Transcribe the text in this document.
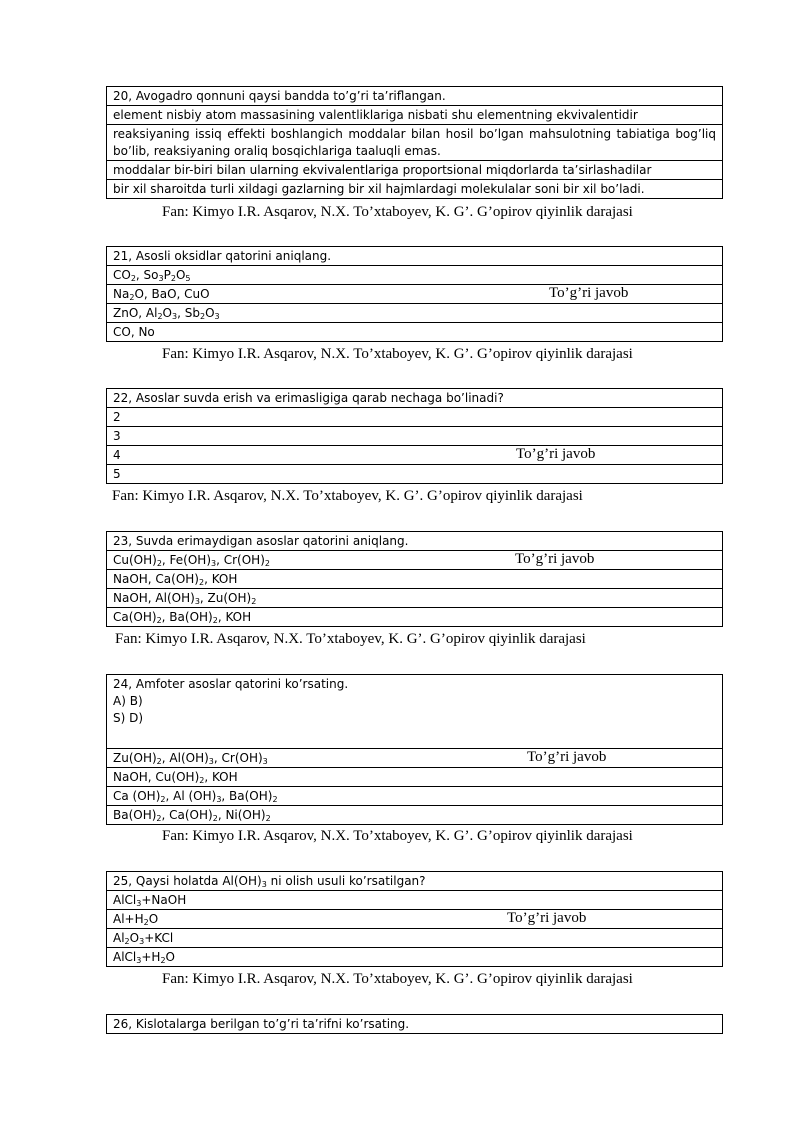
20, Avogadro qonnuni qaysi bandda to’g’ri ta’riflangan.
element nisbiy atom massasining valentliklariga nisbati shu elementning ekvivalentidir
reaksiyaning issiq effekti boshlangich moddalar bilan hosil bo’lgan mahsulotning tabiatiga bog’liq bo’lib, reaksiyaning oraliq bosqichlariga taaluqli emas.
moddalar bir-biri bilan ularning ekvivalentlariga proportsional miqdorlarda ta’sirlashadilar
bir xil sharoitda turli xildagi gazlarning bir xil hajmlardagi molekulalar soni bir xil bo’ladi.
Fan: Kimyo I.R. Asqarov, N.X. To’xtaboyev, K. G’. G’opirov qiyinlik darajasi
21, Asosli oksidlar qatorini aniqlang.
$CO_2$, $So_3P_2O_5$
$Na_2O$, BaO, CuO	To’g’ri javob
ZnO, $Al_2O_3$, $Sb_2O_3$
CO, No
Fan: Kimyo I.R. Asqarov, N.X. To’xtaboyev, K. G’. G’opirov qiyinlik darajasi
22, Asoslar suvda erish va erimasligiga qarab nechaga bo’linadi?
2
3
4	To’g’ri javob
5
Fan: Kimyo I.R. Asqarov, N.X. To’xtaboyev, K. G’. G’opirov qiyinlik darajasi
23, Suvda erimaydigan asoslar qatorini aniqlang.
$Cu(OH)_2$, $Fe(OH)_3$, $Cr(OH)_2$	To’g’ri javob
NaOH, $Ca(OH)_2$, KOH
NaOH, $Al(OH)_3$, $Zu(OH)_2$
$Ca(OH)_2$, $Ba(OH)_2$, KOH
Fan: Kimyo I.R. Asqarov, N.X. To’xtaboyev, K. G’. G’opirov qiyinlik darajasi
24, Amfoter asoslar qatorini ko’rsating.
A) B)
S) D)
$Zu(OH)_2$, $Al(OH)_3$, $Cr(OH)_3$	To’g’ri javob
NaOH, $Cu(OH)_2$, KOH
Ca $(OH)_2$, Al $(OH)_3$, $Ba(OH)_2$
$Ba(OH)_2$, $Ca(OH)_2$, $Ni(OH)_2$
Fan: Kimyo I.R. Asqarov, N.X. To’xtaboyev, K. G’. G’opirov qiyinlik darajasi
25, Qaysi holatda $Al(OH)_3$ ni olish usuli ko’rsatilgan?
AlCl$_3$+NaOH
$Al+H_2O$	To’g’ri javob
$Al_2O_3+KCl$
$AlCl_3+H_2O$
Fan: Kimyo I.R. Asqarov, N.X. To’xtaboyev, K. G’. G’opirov qiyinlik darajasi
26, Kislotalarga berilgan to’g’ri ta’rifni ko’rsating.
